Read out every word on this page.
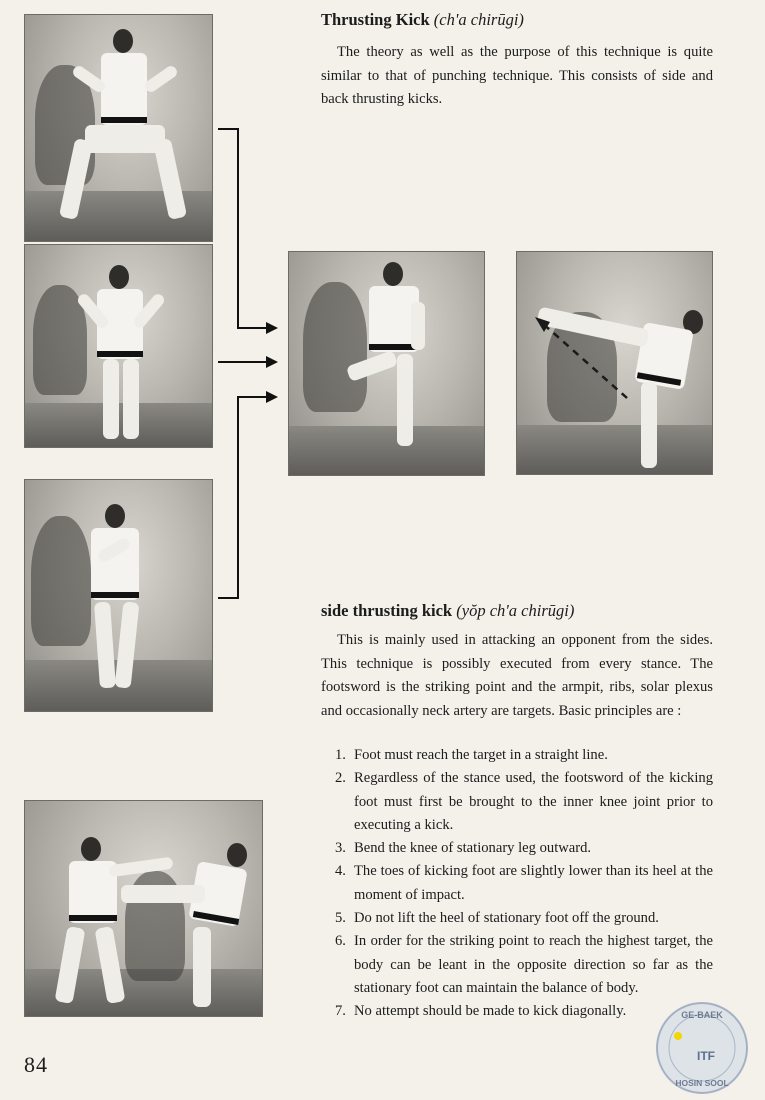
Thrusting Kick (ch'a chirūgi)

The theory as well as the purpose of this technique is quite similar to that of punching technique. This consists of side and back thrusting kicks.

side thrusting kick (yŏp ch'a chirūgi)

This is mainly used in attacking an opponent from the sides. This technique is possibly executed from every stance. The footsword is the striking point and the armpit, ribs, solar plexus and occasionally neck artery are targets. Basic principles are :

1. Foot must reach the target in a straight line.
2. Regardless of the stance used, the footsword of the kicking foot must first be brought to the inner knee joint prior to executing a kick.
3. Bend the knee of stationary leg outward.
4. The toes of kicking foot are slightly lower than its heel at the moment of impact.
5. Do not lift the heel of stationary foot off the ground.
6. In order for the striking point to reach the highest target, the body can be leant in the opposite direction so far as the stationary foot can maintain the balance of body.
7. No attempt should be made to kick diagonally.
84
GE-BAEK
ITF
HOSIN SOOL
